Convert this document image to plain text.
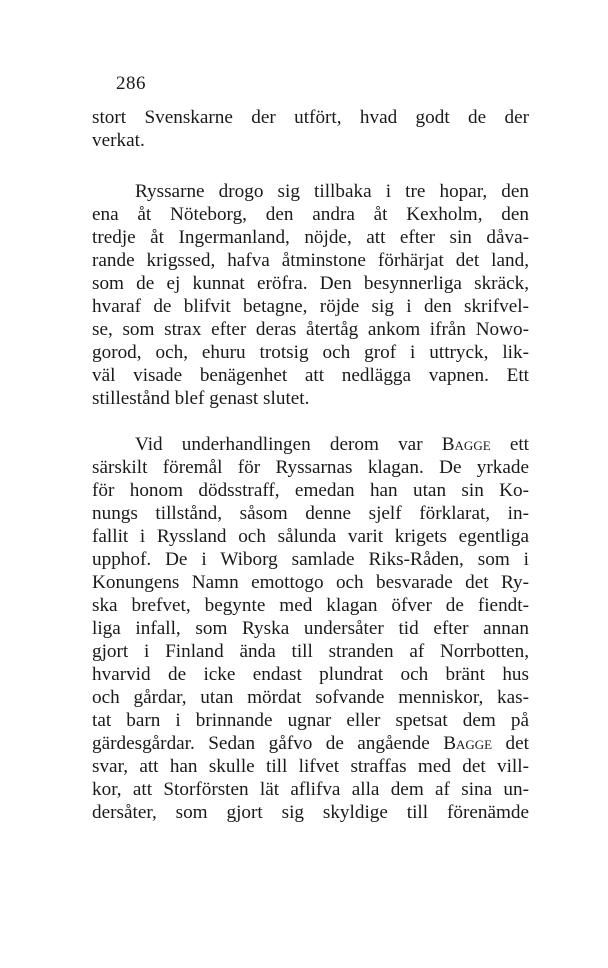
286
stort Svenskarne der utfört, hvad godt de der
verkat.
Ryssarne drogo sig tillbaka i tre hopar, den
ena åt Nöteborg, den andra åt Kexholm, den
tredje åt Ingermanland, nöjde, att efter sin dåva-
rande krigssed, hafva åtminstone förhärjat det land,
som de ej kunnat eröfra. Den besynnerliga skräck,
hvaraf de blifvit betagne, röjde sig i den skrifvel-
se, som strax efter deras återtåg ankom ifrån Nowo-
gorod, och, ehuru trotsig och grof i uttryck, lik-
väl visade benägenhet att nedlägga vapnen. Ett
stillestånd blef genast slutet.
Vid underhandlingen derom var Bagge ett
särskilt föremål för Ryssarnas klagan. De yrkade
för honom dödsstraff, emedan han utan sin Ko-
nungs tillstånd, såsom denne sjelf förklarat, in-
fallit i Ryssland och sålunda varit krigets egentliga
upphof. De i Wiborg samlade Riks-Råden, som i
Konungens Namn emottogo och besvarade det Ry-
ska brefvet, begynte med klagan öfver de fiendt-
liga infall, som Ryska undersåter tid efter annan
gjort i Finland ända till stranden af Norrbotten,
hvarvid de icke endast plundrat och bränt hus
och gårdar, utan mördat sofvande menniskor, kas-
tat barn i brinnande ugnar eller spetsat dem på
gärdesgårdar. Sedan gåfvo de angående Bagge det
svar, att han skulle till lifvet straffas med det vill-
kor, att Storförsten lät aflifva alla dem af sina un-
dersåter, som gjort sig skyldige till förenämde
